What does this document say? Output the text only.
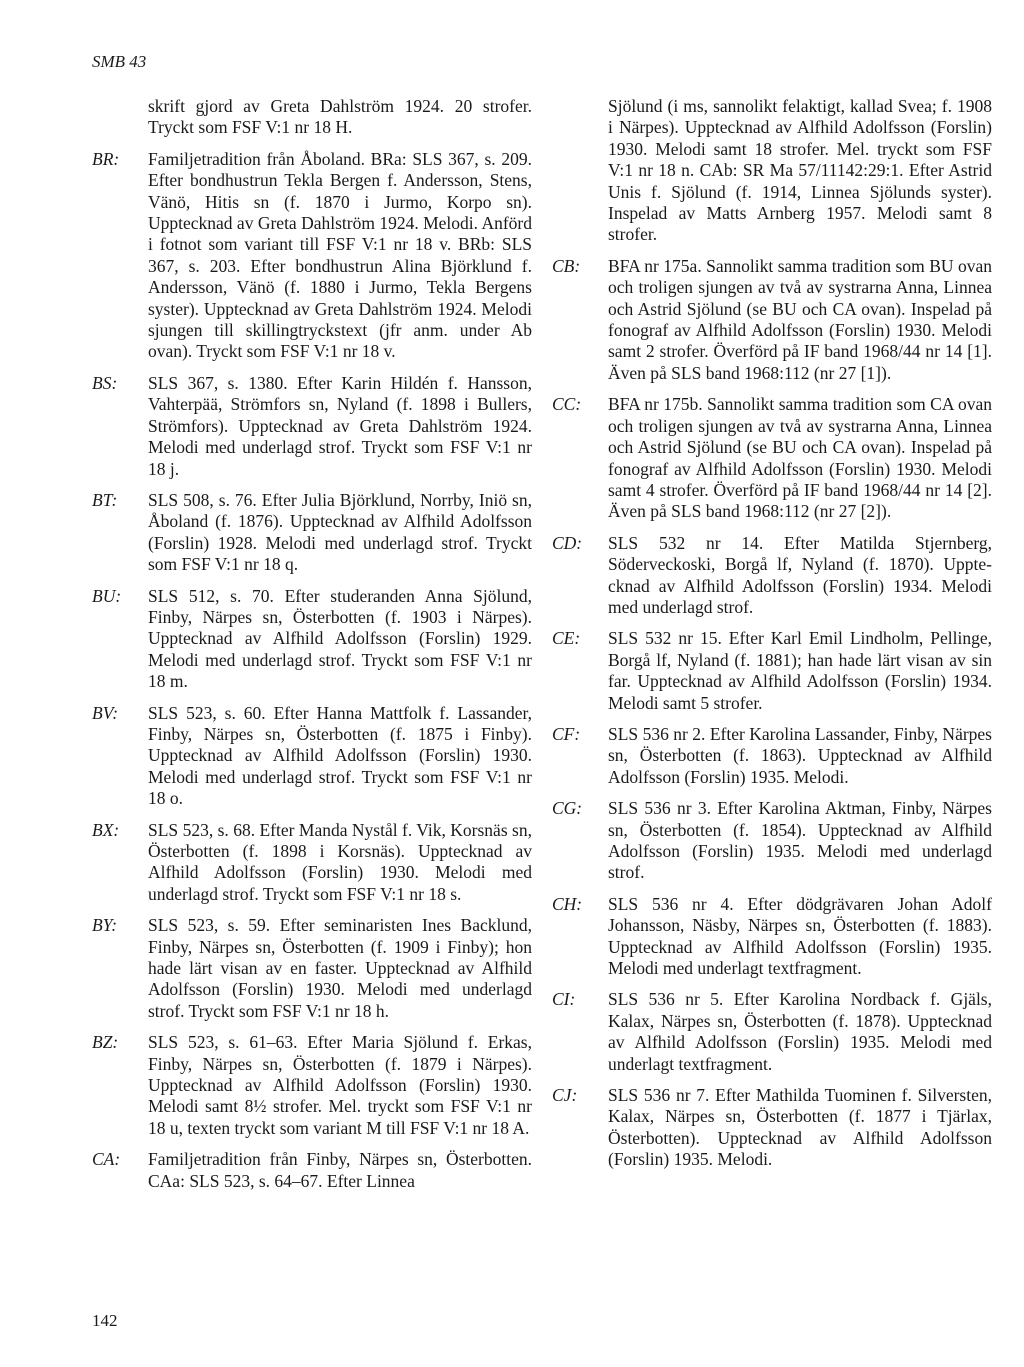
SMB 43
skrift gjord av Greta Dahlström 1924. 20 strofer. Tryckt som FSF V:1 nr 18 H.
BR: Familjetradition från Åboland. BRa: SLS 367, s. 209. Efter bondhustrun Tekla Bergen f. Andersson, Stens, Vänö, Hitis sn (f. 1870 i Jurmo, Korpo sn). Upptecknad av Greta Dahlström 1924. Melodi. Anförd i fotnot som variant till FSF V:1 nr 18 v. BRb: SLS 367, s. 203. Efter bondhustrun Alina Björklund f. Andersson, Vänö (f. 1880 i Jurmo, Tekla Bergens syster). Upptecknad av Greta Dahlström 1924. Melodi sjungen till skillingtryckstext (jfr anm. under Ab ovan). Tryckt som FSF V:1 nr 18 v.
BS: SLS 367, s. 1380. Efter Karin Hildén f. Hansson, Vahterpää, Strömfors sn, Nyland (f. 1898 i Bullers, Strömfors). Upptecknad av Greta Dahlström 1924. Melodi med underlagd strof. Tryckt som FSF V:1 nr 18 j.
BT: SLS 508, s. 76. Efter Julia Björklund, Norrby, Iniö sn, Åboland (f. 1876). Upptecknad av Alfhild Adolfsson (Forslin) 1928. Melodi med underlagd strof. Tryckt som FSF V:1 nr 18 q.
BU: SLS 512, s. 70. Efter studeranden Anna Sjölund, Finby, Närpes sn, Österbotten (f. 1903 i Närpes). Upptecknad av Alfhild Adolfsson (Forslin) 1929. Melodi med underlagd strof. Tryckt som FSF V:1 nr 18 m.
BV: SLS 523, s. 60. Efter Hanna Mattfolk f. Lassander, Finby, Närpes sn, Österbotten (f. 1875 i Finby). Upptecknad av Alfhild Adolfsson (Forslin) 1930. Melodi med underlagd strof. Tryckt som FSF V:1 nr 18 o.
BX: SLS 523, s. 68. Efter Manda Nystål f. Vik, Korsnäs sn, Österbotten (f. 1898 i Korsnäs). Upptecknad av Alfhild Adolfsson (Forslin) 1930. Melodi med underlagd strof. Tryckt som FSF V:1 nr 18 s.
BY: SLS 523, s. 59. Efter seminaristen Ines Backlund, Finby, Närpes sn, Österbotten (f. 1909 i Finby); hon hade lärt visan av en faster. Upptecknad av Alfhild Adolfsson (Forslin) 1930. Melodi med underlagd strof. Tryckt som FSF V:1 nr 18 h.
BZ: SLS 523, s. 61–63. Efter Maria Sjölund f. Erkas, Finby, Närpes sn, Österbotten (f. 1879 i Närpes). Upptecknad av Alfhild Adolfsson (Forslin) 1930. Melodi samt 8½ strofer. Mel. tryckt som FSF V:1 nr 18 u, texten tryckt som variant M till FSF V:1 nr 18 A.
CA: Familjetradition från Finby, Närpes sn, Österbotten. CAa: SLS 523, s. 64–67. Efter Linnea
Sjölund (i ms, sannolikt felaktigt, kallad Svea; f. 1908 i Närpes). Upptecknad av Alfhild Adolfsson (Forslin) 1930. Melodi samt 18 strofer. Mel. tryckt som FSF V:1 nr 18 n. CAb: SR Ma 57/11142:29:1. Efter Astrid Unis f. Sjölund (f. 1914, Linnea Sjölunds syster). Inspelad av Matts Arnberg 1957. Melodi samt 8 strofer.
CB: BFA nr 175a. Sannolikt samma tradition som BU ovan och troligen sjungen av två av systrarna Anna, Linnea och Astrid Sjölund (se BU och CA ovan). Inspelad på fonograf av Alfhild Adolfsson (Forslin) 1930. Melodi samt 2 strofer. Överförd på IF band 1968/44 nr 14 [1]. Även på SLS band 1968:112 (nr 27 [1]).
CC: BFA nr 175b. Sannolikt samma tradition som CA ovan och troligen sjungen av två av systrarna Anna, Linnea och Astrid Sjölund (se BU och CA ovan). Inspelad på fonograf av Alfhild Adolfsson (Forslin) 1930. Melodi samt 4 strofer. Överförd på IF band 1968/44 nr 14 [2]. Även på SLS band 1968:112 (nr 27 [2]).
CD: SLS 532 nr 14. Efter Matilda Stjernberg, Söderveckoski, Borgå lf, Nyland (f. 1870). Upptecknad av Alfhild Adolfsson (Forslin) 1934. Melodi med underlagd strof.
CE: SLS 532 nr 15. Efter Karl Emil Lindholm, Pellinge, Borgå lf, Nyland (f. 1881); han hade lärt visan av sin far. Upptecknad av Alfhild Adolfsson (Forslin) 1934. Melodi samt 5 strofer.
CF: SLS 536 nr 2. Efter Karolina Lassander, Finby, Närpes sn, Österbotten (f. 1863). Upptecknad av Alfhild Adolfsson (Forslin) 1935. Melodi.
CG: SLS 536 nr 3. Efter Karolina Aktman, Finby, Närpes sn, Österbotten (f. 1854). Upptecknad av Alfhild Adolfsson (Forslin) 1935. Melodi med underlagd strof.
CH: SLS 536 nr 4. Efter dödgrävaren Johan Adolf Johansson, Näsby, Närpes sn, Österbotten (f. 1883). Upptecknad av Alfhild Adolfsson (Forslin) 1935. Melodi med underlagt textfragment.
CI: SLS 536 nr 5. Efter Karolina Nordback f. Gjäls, Kalax, Närpes sn, Österbotten (f. 1878). Upptecknad av Alfhild Adolfsson (Forslin) 1935. Melodi med underlagt textfragment.
CJ: SLS 536 nr 7. Efter Mathilda Tuominen f. Silversten, Kalax, Närpes sn, Österbotten (f. 1877 i Tjärlax, Österbotten). Upptecknad av Alfhild Adolfsson (Forslin) 1935. Melodi.
142
